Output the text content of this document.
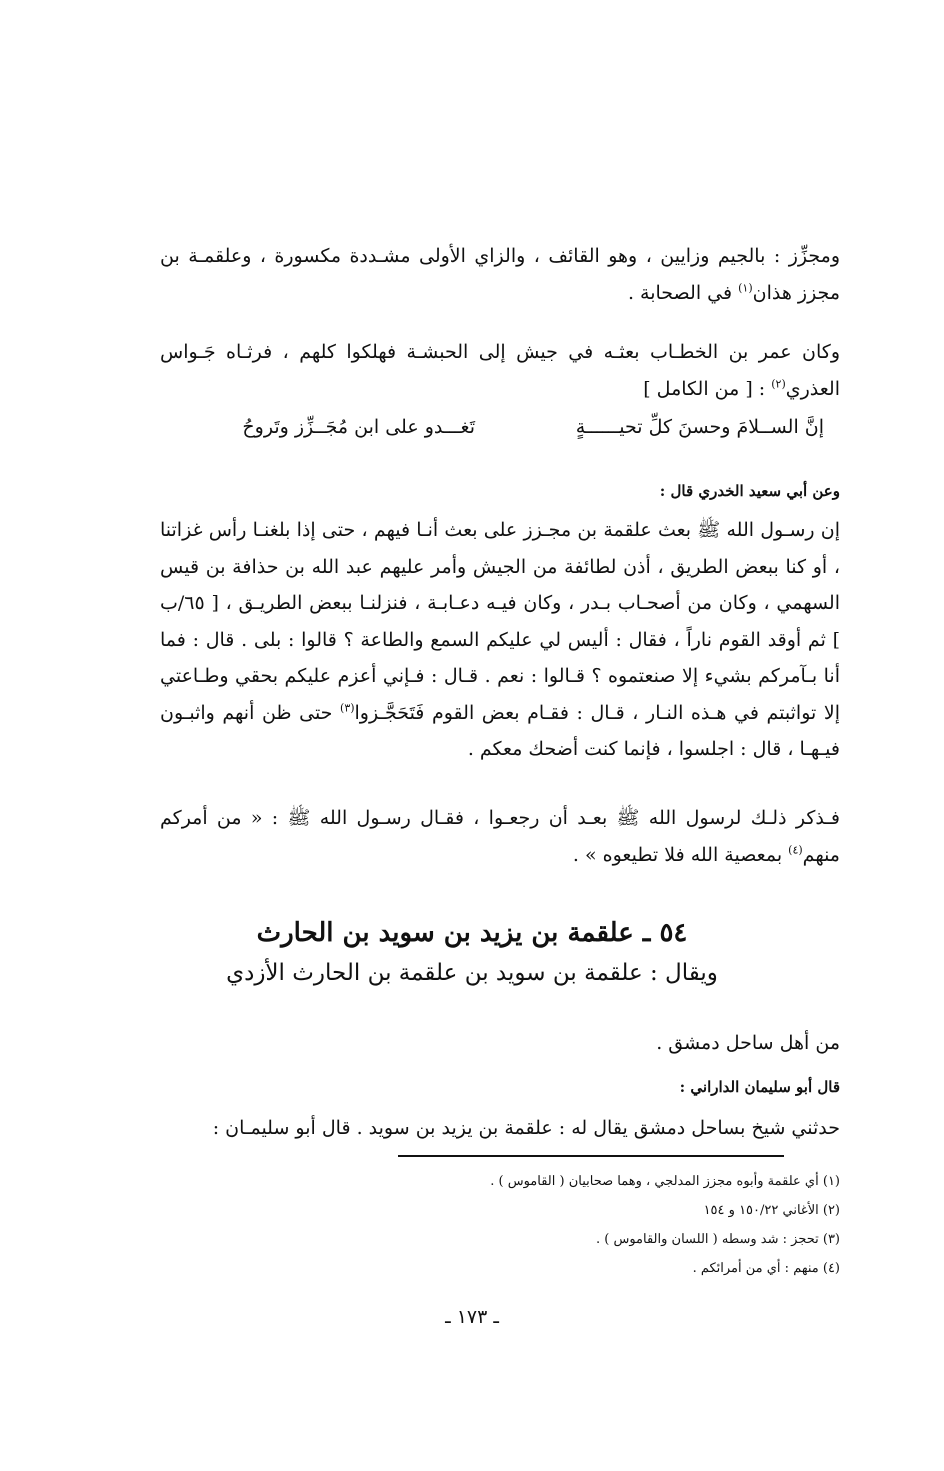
ومجزِّز : بالجيم وزايين ، وهو القائف ، والزاي الأولى مشـددة مكسورة ، وعلقمـة بن مجزز هذان$^{(١)}$ في الصحابة .

وكان عمر بن الخطـاب بعثـه في جيش إلى الحبشـة فهلكوا كلهم ، فرثـاه جَـواس العذري$^{(٢)}$ : [ من الكامل ]

إنَّ الســلامَ وحسنَ كلِّ تحيــــــةٍ
تَغـــدو على ابن مُجَــزِّز وتَروحُ

وعن أبي سعيد الخدري قال :

إن رسـول الله ﷺ بعث علقمة بن مجـزز على بعث أنـا فيهم ، حتى إذا بلغنـا رأس غزاتنا ، أو كنا ببعض الطريق ، أذن لطائفة من الجيش وأمر عليهم عبد الله بن حذافة بن قيس السهمي ، وكان من أصحـاب بـدر ، وكان فيـه دعـابـة ، فنزلنـا ببعض الطريـق ، [ ٦٥/ب ] ثم أوقد القوم ناراً ، فقال : أليس لي عليكم السمع والطاعة ؟ قالوا : بلى . قال : فما أنا بـآمركم بشيء إلا صنعتموه ؟ قـالوا : نعم . قـال : فـإني أعزم عليكم بحقي وطـاعتي إلا تواثبتم في هـذه النـار ، قـال : فقـام بعض القوم فَتَحَجَّـزوا$^{(٣)}$ حتى ظن أنهم واثبـون فيـهـا ، قال : اجلسوا ، فإنما كنت أضحك معكم .

فـذكر ذلـك لرسول الله ﷺ بعـد أن رجعـوا ، فقـال رسـول الله ﷺ : « من أمركم منهم$^{(٤)}$ بمعصية الله فلا تطيعوه » .

٥٤ ـ علقمة بن يزيد بن سويد بن الحارث
ويقال : علقمة بن سويد بن علقمة بن الحارث الأزدي

من أهل ساحل دمشق .

قال أبو سليمان الداراني :

حدثني شيخ بساحل دمشق يقال له : علقمة بن يزيد بن سويد . قال أبو سليمـان :

(١) أي علقمة وأبوه مجزز المدلجي ، وهما صحابيان ( القاموس ) .
(٢) الأغاني ١٥٠/٢٢ و ١٥٤
(٣) تحجز : شد وسطه ( اللسان والقاموس ) .
(٤) منهم : أي من أمرائكم .
ـ ١٧٣ ـ
